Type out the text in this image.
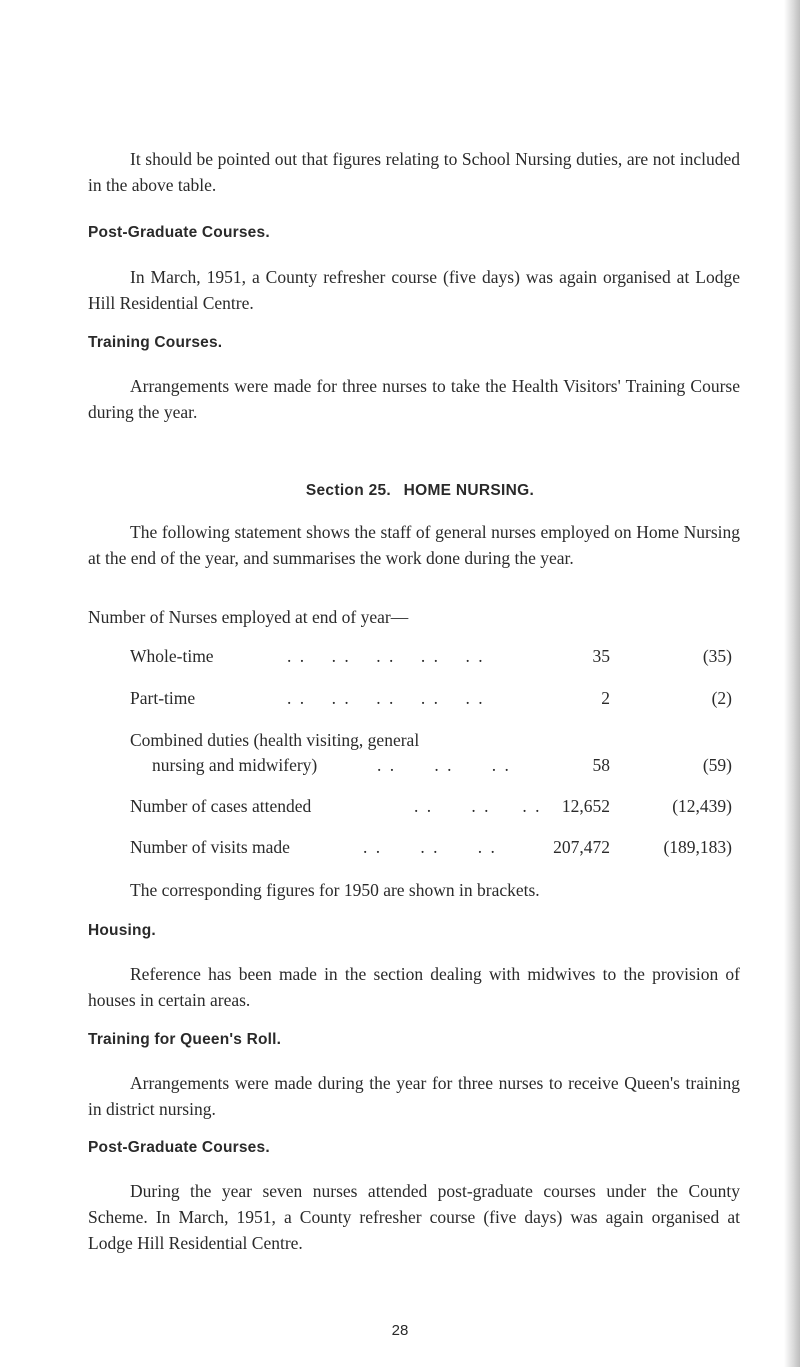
It should be pointed out that figures relating to School Nursing duties, are not included in the above table.
Post-Graduate Courses.
In March, 1951, a County refresher course (five days) was again organised at Lodge Hill Residential Centre.
Training Courses.
Arrangements were made for three nurses to take the Health Visitors' Training Course during the year.
Section 25. HOME NURSING.
The following statement shows the staff of general nurses employed on Home Nursing at the end of the year, and summarises the work done during the year.
Number of Nurses employed at end of year—
Whole-time	. .    . .    . .    . .    . .	35	(35)
Part-time	. .    . .    . .    . .    . .	2	(2)
Combined duties (health visiting, general
nursing and midwifery)	. .      . .      . .	58	(59)
Number of cases attended	. .      . .     . . 12,652	(12,439)
Number of visits made	. .      . .      . .	207,472	(189,183)
The corresponding figures for 1950 are shown in brackets.
Housing.
Reference has been made in the section dealing with midwives to the provision of houses in certain areas.
Training for Queen's Roll.
Arrangements were made during the year for three nurses to receive Queen's training in district nursing.
Post-Graduate Courses.
During the year seven nurses attended post-graduate courses under the County Scheme. In March, 1951, a County refresher course (five days) was again organised at Lodge Hill Residential Centre.
28
